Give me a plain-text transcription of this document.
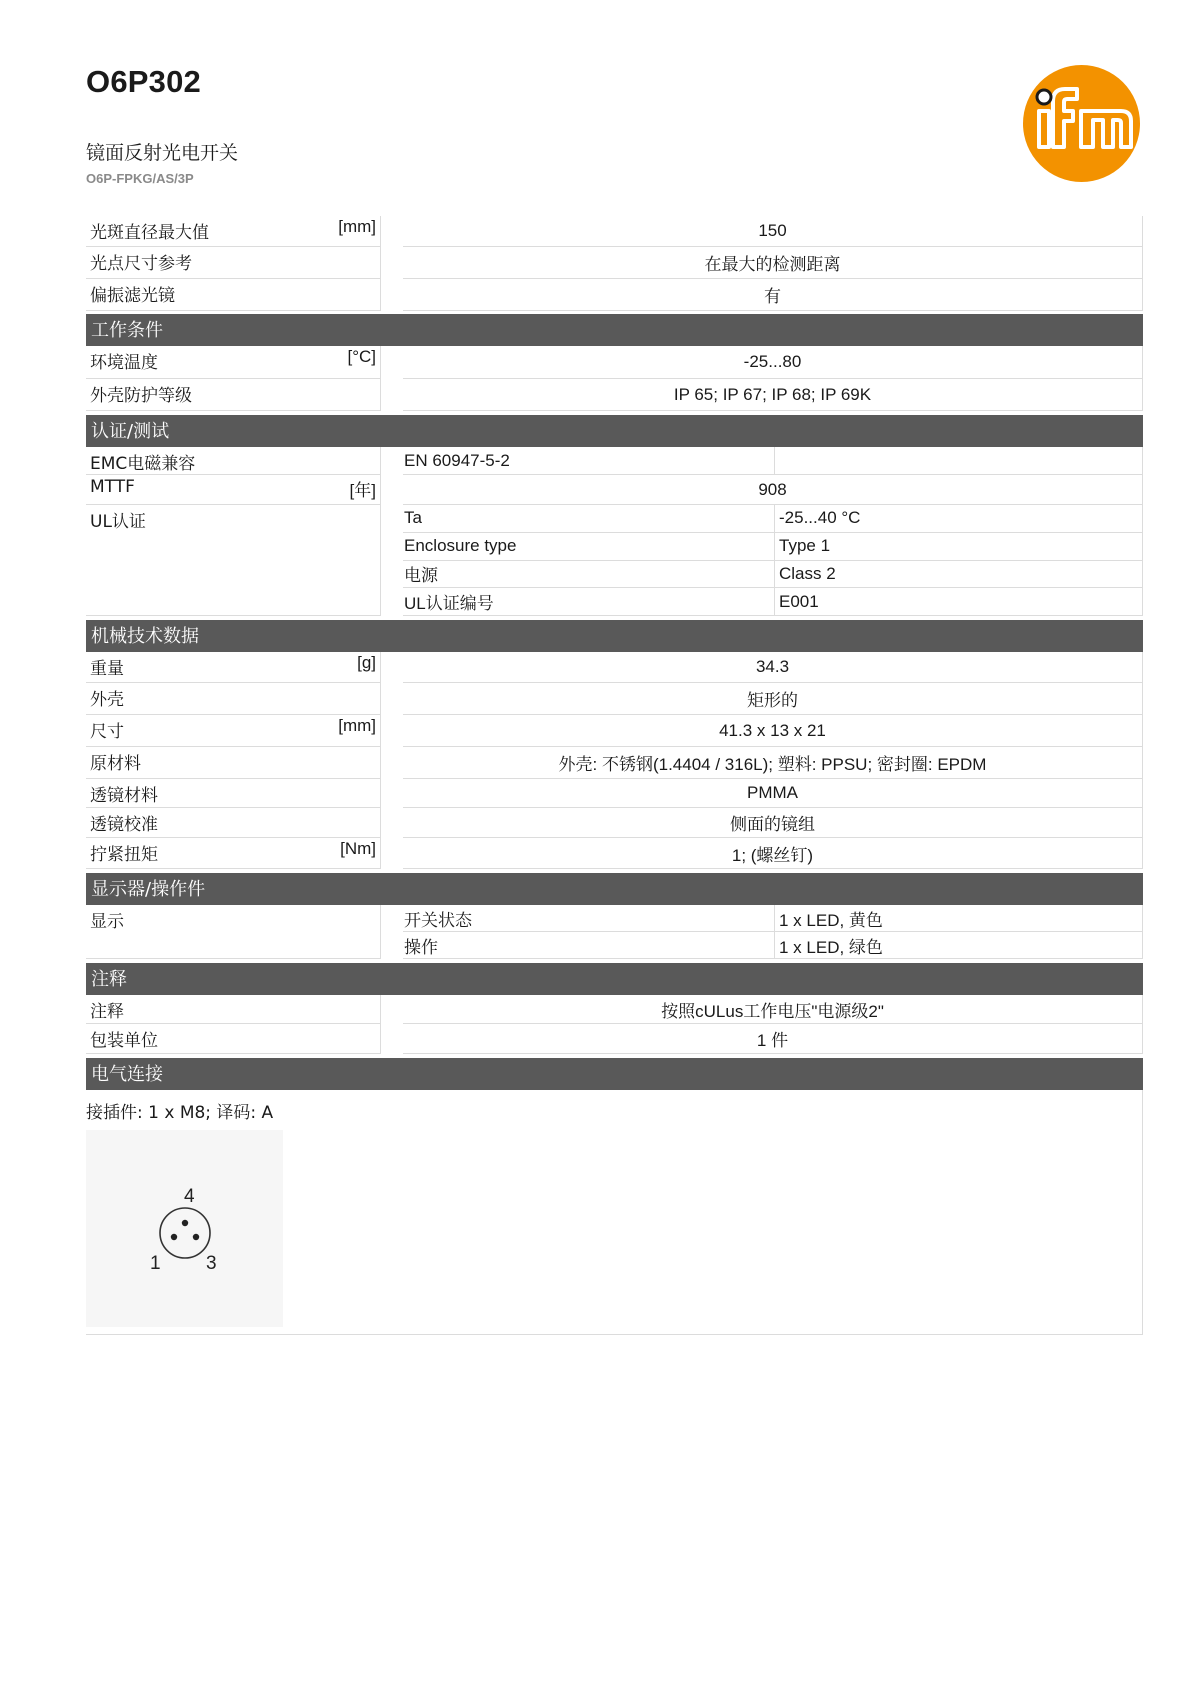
O6P302
镜面反射光电开关
O6P-FPKG/AS/3P
光斑直径最大值	[mm]	150
光点尺寸参考	在最大的检测距离
偏振滤光镜	有
工作条件
环境温度	[°C]	-25...80
外壳防护等级	IP 65; IP 67; IP 68; IP 69K
认证/测试
EMC电磁兼容	EN 60947-5-2
MTTF	[年]	908
UL认证	Ta	-25...40 °C
Enclosure type	Type 1
电源	Class 2
UL认证编号	E001
机械技术数据
重量	[g]	34.3
外壳	矩形的
尺寸	[mm]	41.3 x 13 x 21
原材料	外壳: 不锈钢(1.4404 / 316L); 塑料: PPSU; 密封圈: EPDM
透镜材料	PMMA
透镜校准	侧面的镜组
拧紧扭矩	[Nm]	1; (螺丝钉)
显示器/操作件
显示	开关状态	1 x LED, 黄色
操作	1 x LED, 绿色
注释
注释	按照cULus工作电压"电源级2"
包装单位	1 件
电气连接
接插件: 1 x M8; 译码: A
4
1 3
